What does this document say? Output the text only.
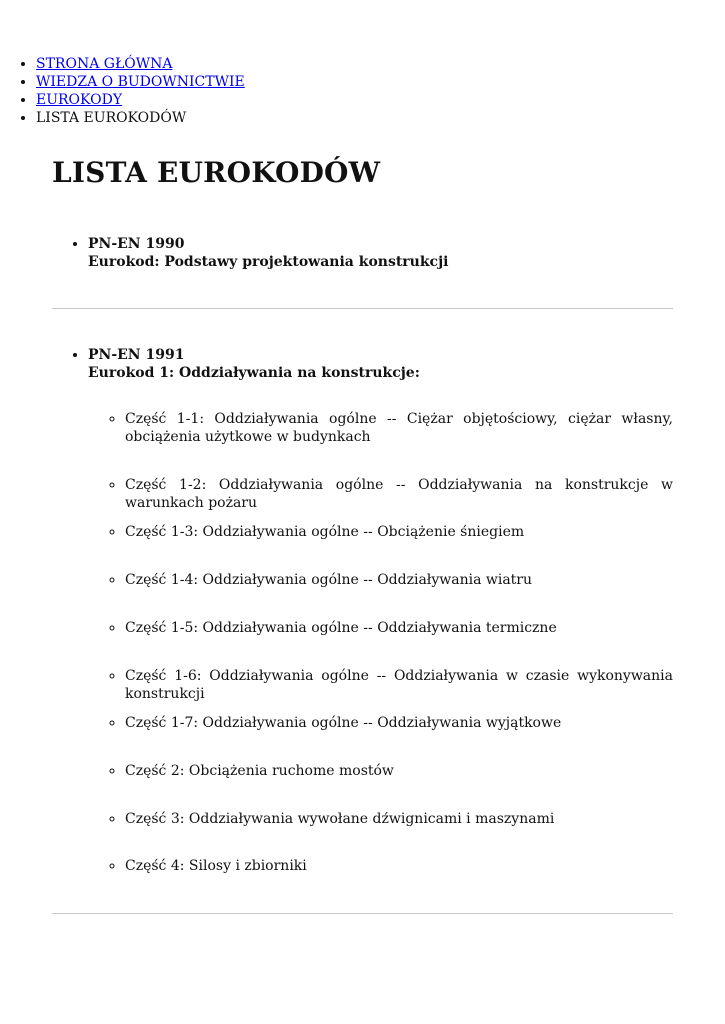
• STRONA GŁÓWNA
• WIEDZA O BUDOWNICTWIE
• EUROKODY
• LISTA EUROKODÓW
LISTA EUROKODÓW
• PN-EN 1990
Eurokod: Podstawy projektowania konstrukcji
• PN-EN 1991
Eurokod 1: Oddziaływania na konstrukcje:
◦ Część 1-1: Oddziaływania ogólne -- Ciężar objętościowy, ciężar własny, obciążenia użytkowe w budynkach
◦ Część 1-2: Oddziaływania ogólne -- Oddziaływania na konstrukcje w warunkach pożaru
◦ Część 1-3: Oddziaływania ogólne -- Obciążenie śniegiem
◦ Część 1-4: Oddziaływania ogólne -- Oddziaływania wiatru
◦ Część 1-5: Oddziaływania ogólne -- Oddziaływania termiczne
◦ Część 1-6: Oddziaływania ogólne -- Oddziaływania w czasie wykonywania konstrukcji
◦ Część 1-7: Oddziaływania ogólne -- Oddziaływania wyjątkowe
◦ Część 2: Obciążenia ruchome mostów
◦ Część 3: Oddziaływania wywołane dźwignicami i maszynami
◦ Część 4: Silosy i zbiorniki
